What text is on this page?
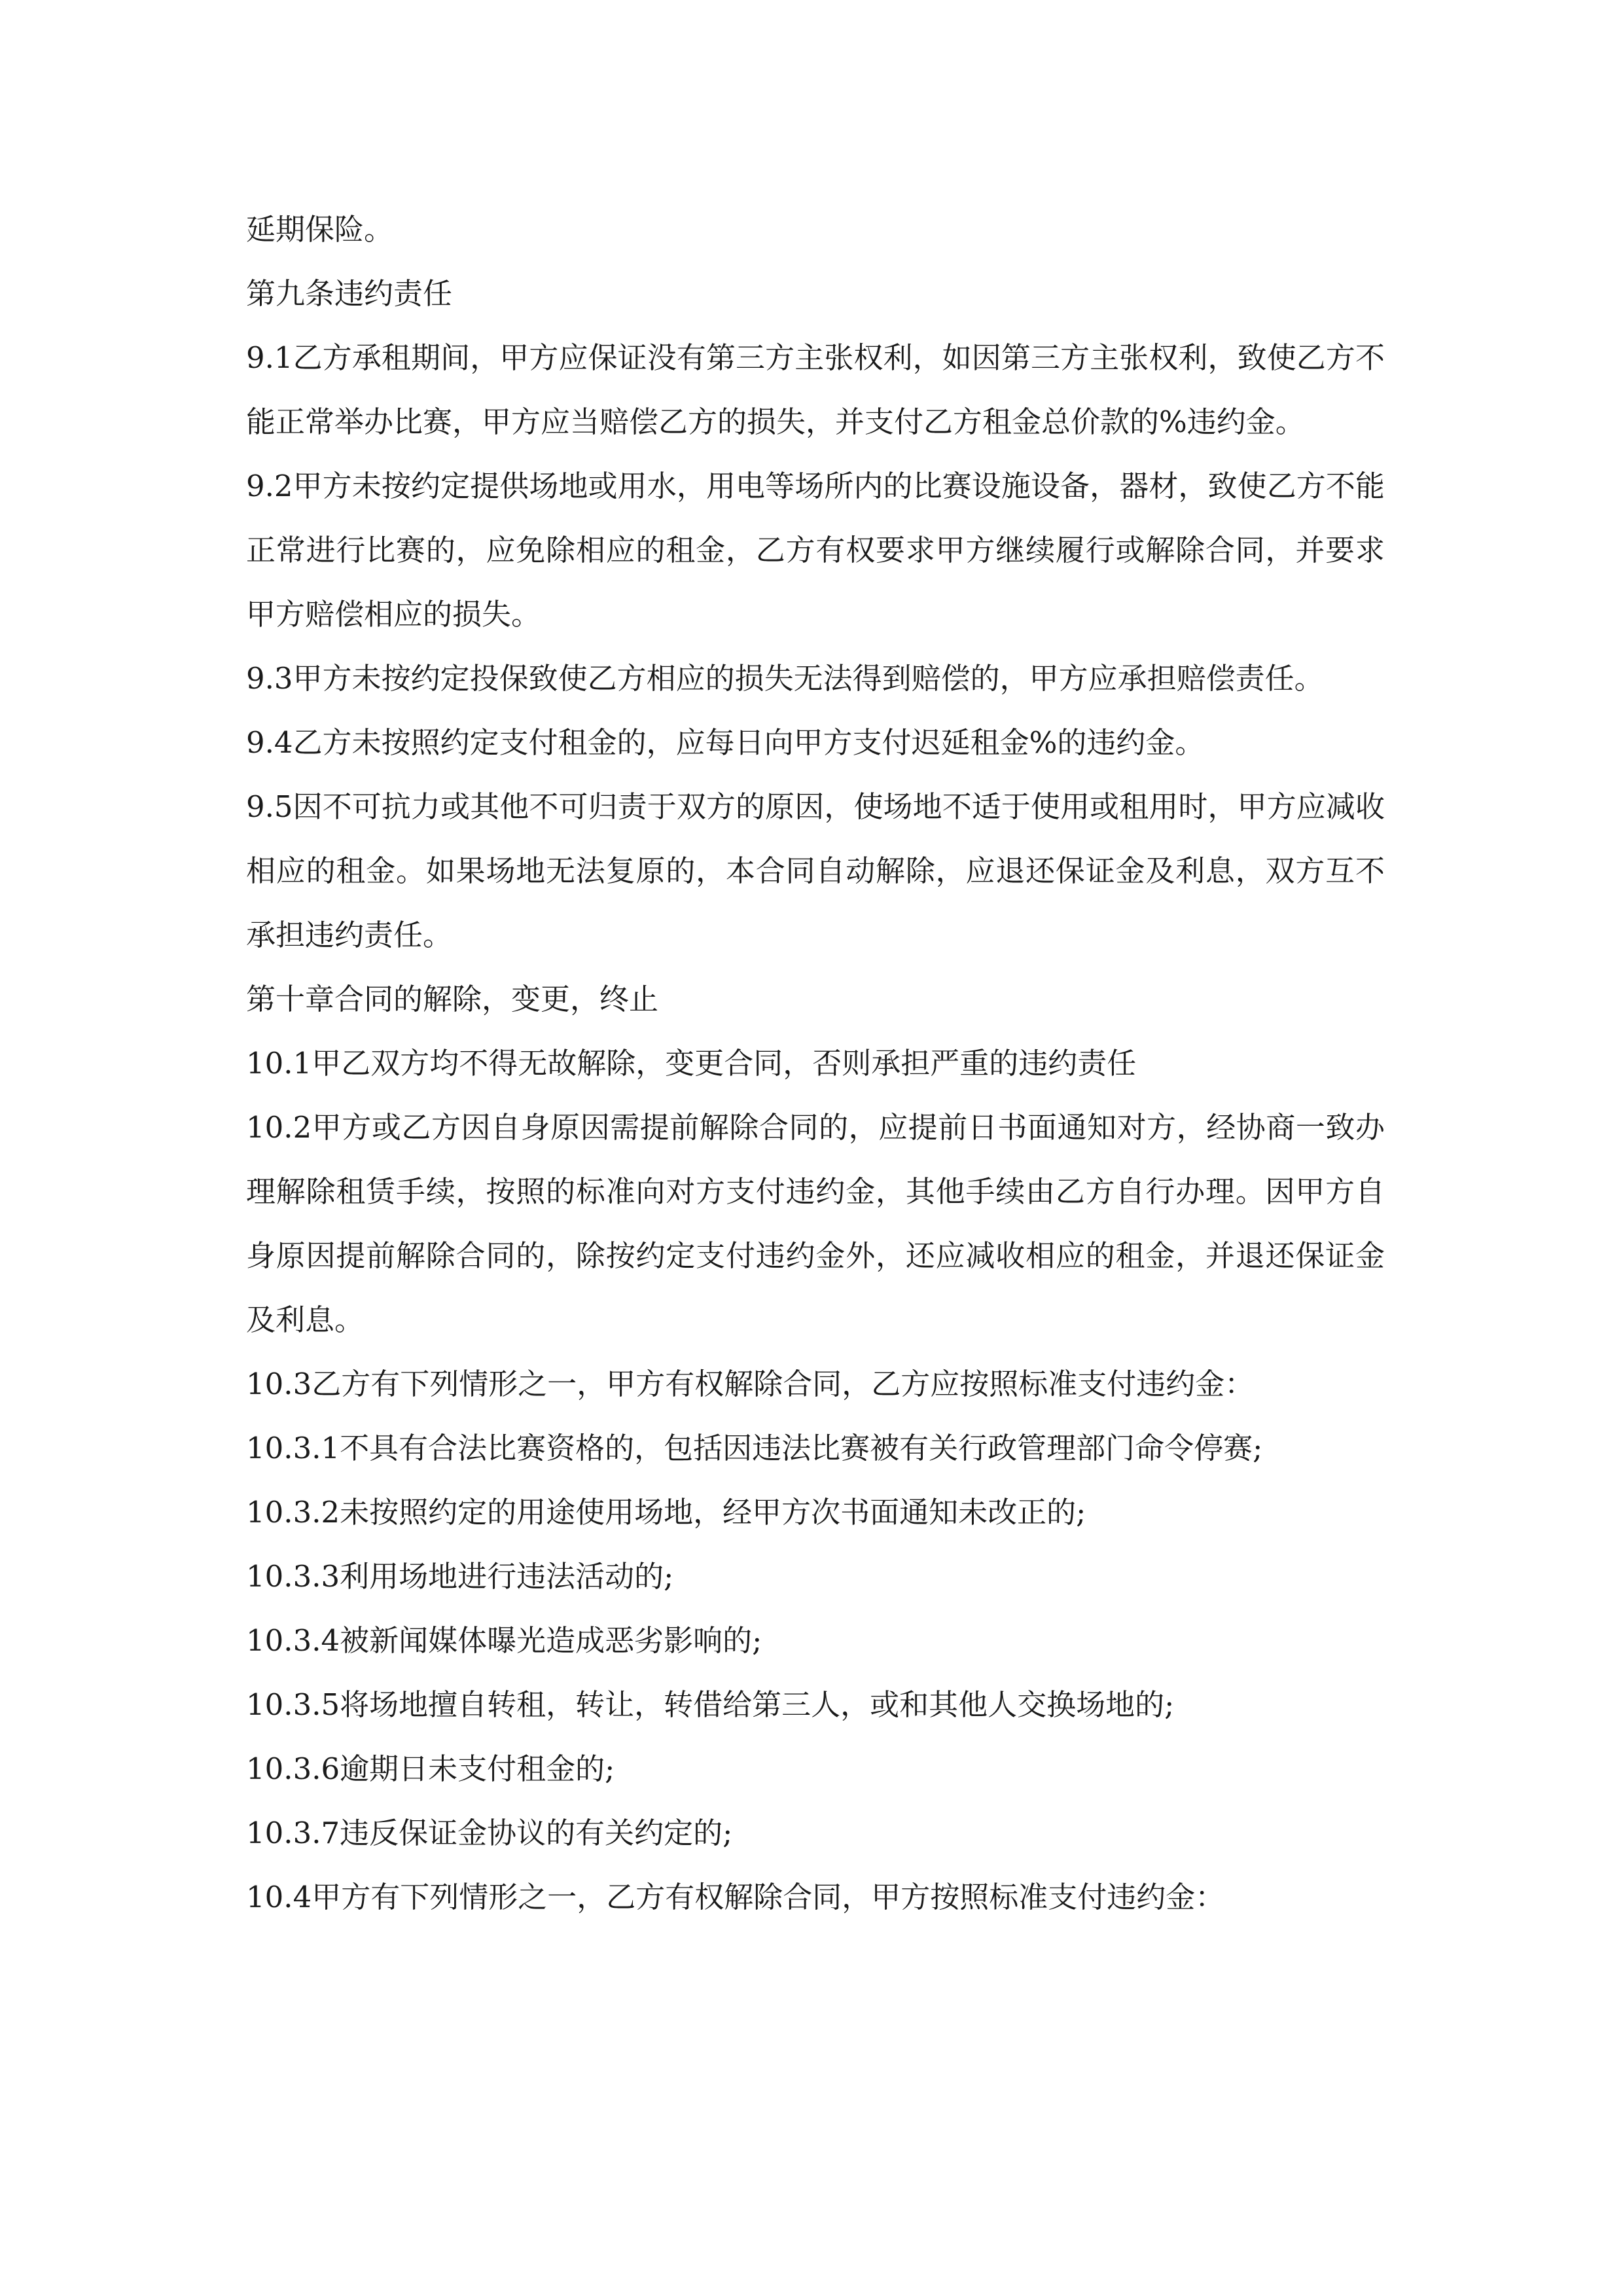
延期保险。

第九条违约责任

9.1乙方承租期间，甲方应保证没有第三方主张权利，如因第三方主张权利，致使乙方不能正常举办比赛，甲方应当赔偿乙方的损失，并支付乙方租金总价款的%违约金。

9.2甲方未按约定提供场地或用水，用电等场所内的比赛设施设备，器材，致使乙方不能正常进行比赛的，应免除相应的租金，乙方有权要求甲方继续履行或解除合同，并要求甲方赔偿相应的损失。

9.3甲方未按约定投保致使乙方相应的损失无法得到赔偿的，甲方应承担赔偿责任。

9.4乙方未按照约定支付租金的，应每日向甲方支付迟延租金%的违约金。

9.5因不可抗力或其他不可归责于双方的原因，使场地不适于使用或租用时，甲方应减收相应的租金。如果场地无法复原的，本合同自动解除，应退还保证金及利息，双方互不承担违约责任。

第十章合同的解除，变更，终止

10.1甲乙双方均不得无故解除，变更合同，否则承担严重的违约责任

10.2甲方或乙方因自身原因需提前解除合同的，应提前日书面通知对方，经协商一致办理解除租赁手续，按照的标准向对方支付违约金，其他手续由乙方自行办理。因甲方自身原因提前解除合同的，除按约定支付违约金外，还应减收相应的租金，并退还保证金及利息。

10.3乙方有下列情形之一，甲方有权解除合同，乙方应按照标准支付违约金：

10.3.1不具有合法比赛资格的，包括因违法比赛被有关行政管理部门命令停赛;

10.3.2未按照约定的用途使用场地，经甲方次书面通知未改正的;

10.3.3利用场地进行违法活动的;

10.3.4被新闻媒体曝光造成恶劣影响的;

10.3.5将场地擅自转租，转让，转借给第三人，或和其他人交换场地的;

10.3.6逾期日未支付租金的;

10.3.7违反保证金协议的有关约定的;

10.4甲方有下列情形之一，乙方有权解除合同，甲方按照标准支付违约金：
